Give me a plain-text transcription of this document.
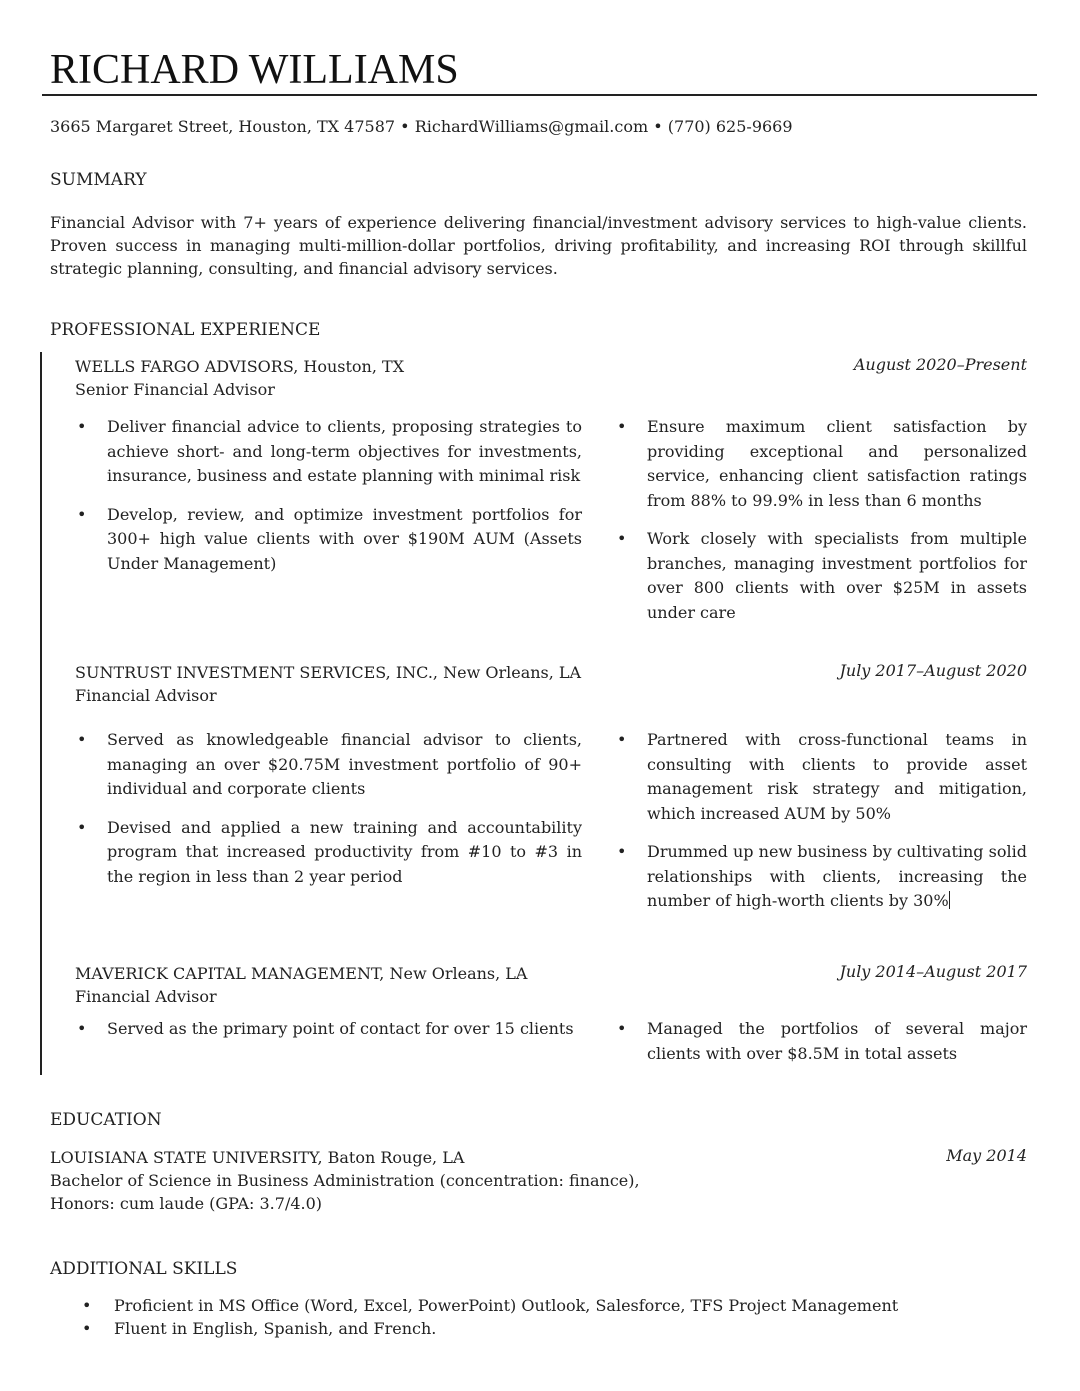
RICHARD WILLIAMS
3665 Margaret Street, Houston, TX 47587 • RichardWilliams@gmail.com • (770) 625-9669
SUMMARY
Financial Advisor with 7+ years of experience delivering financial/investment advisory services to high-value clients. Proven success in managing multi-million-dollar portfolios, driving profitability, and increasing ROI through skillful strategic planning, consulting, and financial advisory services.
PROFESSIONAL EXPERIENCE
WELLS FARGO ADVISORS, Houston, TX
Senior Financial Advisor
August 2020–Present
• Deliver financial advice to clients, proposing strategies to achieve short- and long-term objectives for investments, insurance, business and estate planning with minimal risk
• Develop, review, and optimize investment portfolios for 300+ high value clients with over $190M AUM (Assets Under Management)
• Ensure maximum client satisfaction by providing exceptional and personalized service, enhancing client satisfaction ratings from 88% to 99.9% in less than 6 months
• Work closely with specialists from multiple branches, managing investment portfolios for over 800 clients with over $25M in assets under care
SUNTRUST INVESTMENT SERVICES, INC., New Orleans, LA
Financial Advisor
July 2017–August 2020
• Served as knowledgeable financial advisor to clients, managing an over $20.75M investment portfolio of 90+ individual and corporate clients
• Devised and applied a new training and accountability program that increased productivity from #10 to #3 in the region in less than 2 year period
• Partnered with cross-functional teams in consulting with clients to provide asset management risk strategy and mitigation, which increased AUM by 50%
• Drummed up new business by cultivating solid relationships with clients, increasing the number of high-worth clients by 30%
MAVERICK CAPITAL MANAGEMENT, New Orleans, LA
Financial Advisor
July 2014–August 2017
• Served as the primary point of contact for over 15 clients	• Managed the portfolios of several major clients with over $8.5M in total assets
EDUCATION
LOUISIANA STATE UNIVERSITY, Baton Rouge, LA
Bachelor of Science in Business Administration (concentration: finance),
Honors: cum laude (GPA: 3.7/4.0)
May 2014
ADDITIONAL SKILLS
• Proficient in MS Office (Word, Excel, PowerPoint) Outlook, Salesforce, TFS Project Management
• Fluent in English, Spanish, and French.
